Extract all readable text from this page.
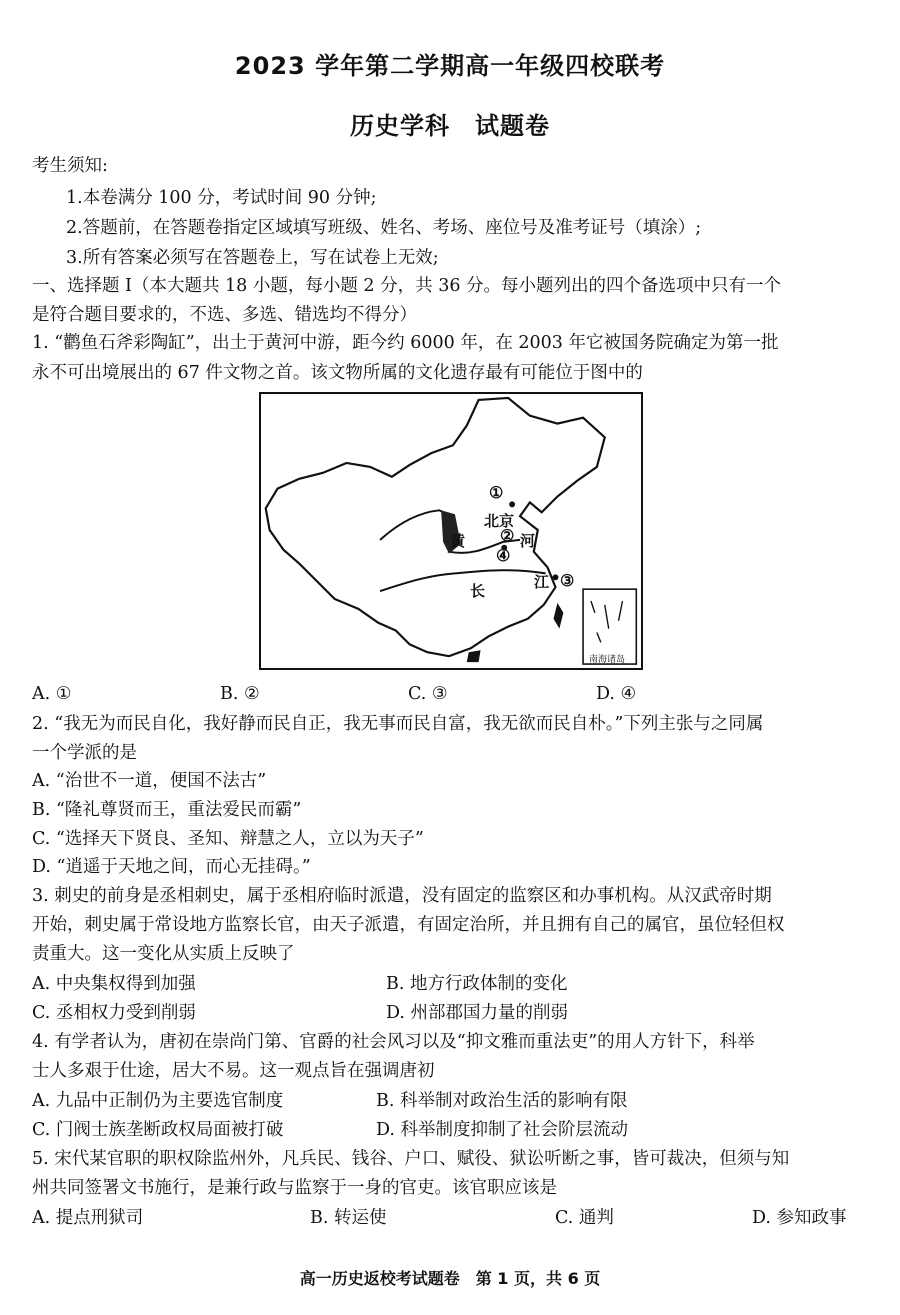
2023 学年第二学期高一年级四校联考
历史学科　试题卷
考生须知:
1.本卷满分 100 分，考试时间 90 分钟;
2.答题前，在答题卷指定区域填写班级、姓名、考场、座位号及准考证号（填涂）;
3.所有答案必须写在答题卷上，写在试卷上无效;
一、选择题 I（本大题共 18 小题，每小题 2 分，共 36 分。每小题列出的四个备选项中只有一个
是符合题目要求的，不选、多选、错选均不得分）
1. “鹳鱼石斧彩陶缸”，出土于黄河中游，距今约 6000 年，在 2003 年它被国务院确定为第一批
永不可出境展出的 67 件文物之首。该文物所属的文化遗存最有可能位于图中的
①
北京
②
④
黄	河
长	江 ③
南海诸岛
A. ①	B. ②	C. ③	D. ④
2. “我无为而民自化，我好静而民自正，我无事而民自富，我无欲而民自朴。”下列主张与之同属
一个学派的是
A. “治世不一道，便国不法古”
B. “隆礼尊贤而王，重法爱民而霸”
C. “选择天下贤良、圣知、辩慧之人，立以为天子”
D. “逍遥于天地之间，而心无挂碍。”
3. 刺史的前身是丞相刺史，属于丞相府临时派遣，没有固定的监察区和办事机构。从汉武帝时期
开始，刺史属于常设地方监察长官，由天子派遣，有固定治所，并且拥有自己的属官，虽位轻但权
责重大。这一变化从实质上反映了
A. 中央集权得到加强	B. 地方行政体制的变化
C. 丞相权力受到削弱	D. 州部郡国力量的削弱
4. 有学者认为，唐初在崇尚门第、官爵的社会风习以及“抑文雅而重法吏”的用人方针下，科举
士人多艰于仕途，居大不易。这一观点旨在强调唐初
A. 九品中正制仍为主要选官制度	B. 科举制对政治生活的影响有限
C. 门阀士族垄断政权局面被打破	D. 科举制度抑制了社会阶层流动
5. 宋代某官职的职权除监州外，凡兵民、钱谷、户口、赋役、狱讼听断之事，皆可裁决，但须与知
州共同签署文书施行，是兼行政与监察于一身的官吏。该官职应该是
A. 提点刑狱司	B. 转运使	C. 通判	D. 参知政事
高一历史返校考试题卷　第 1 页，共 6 页
